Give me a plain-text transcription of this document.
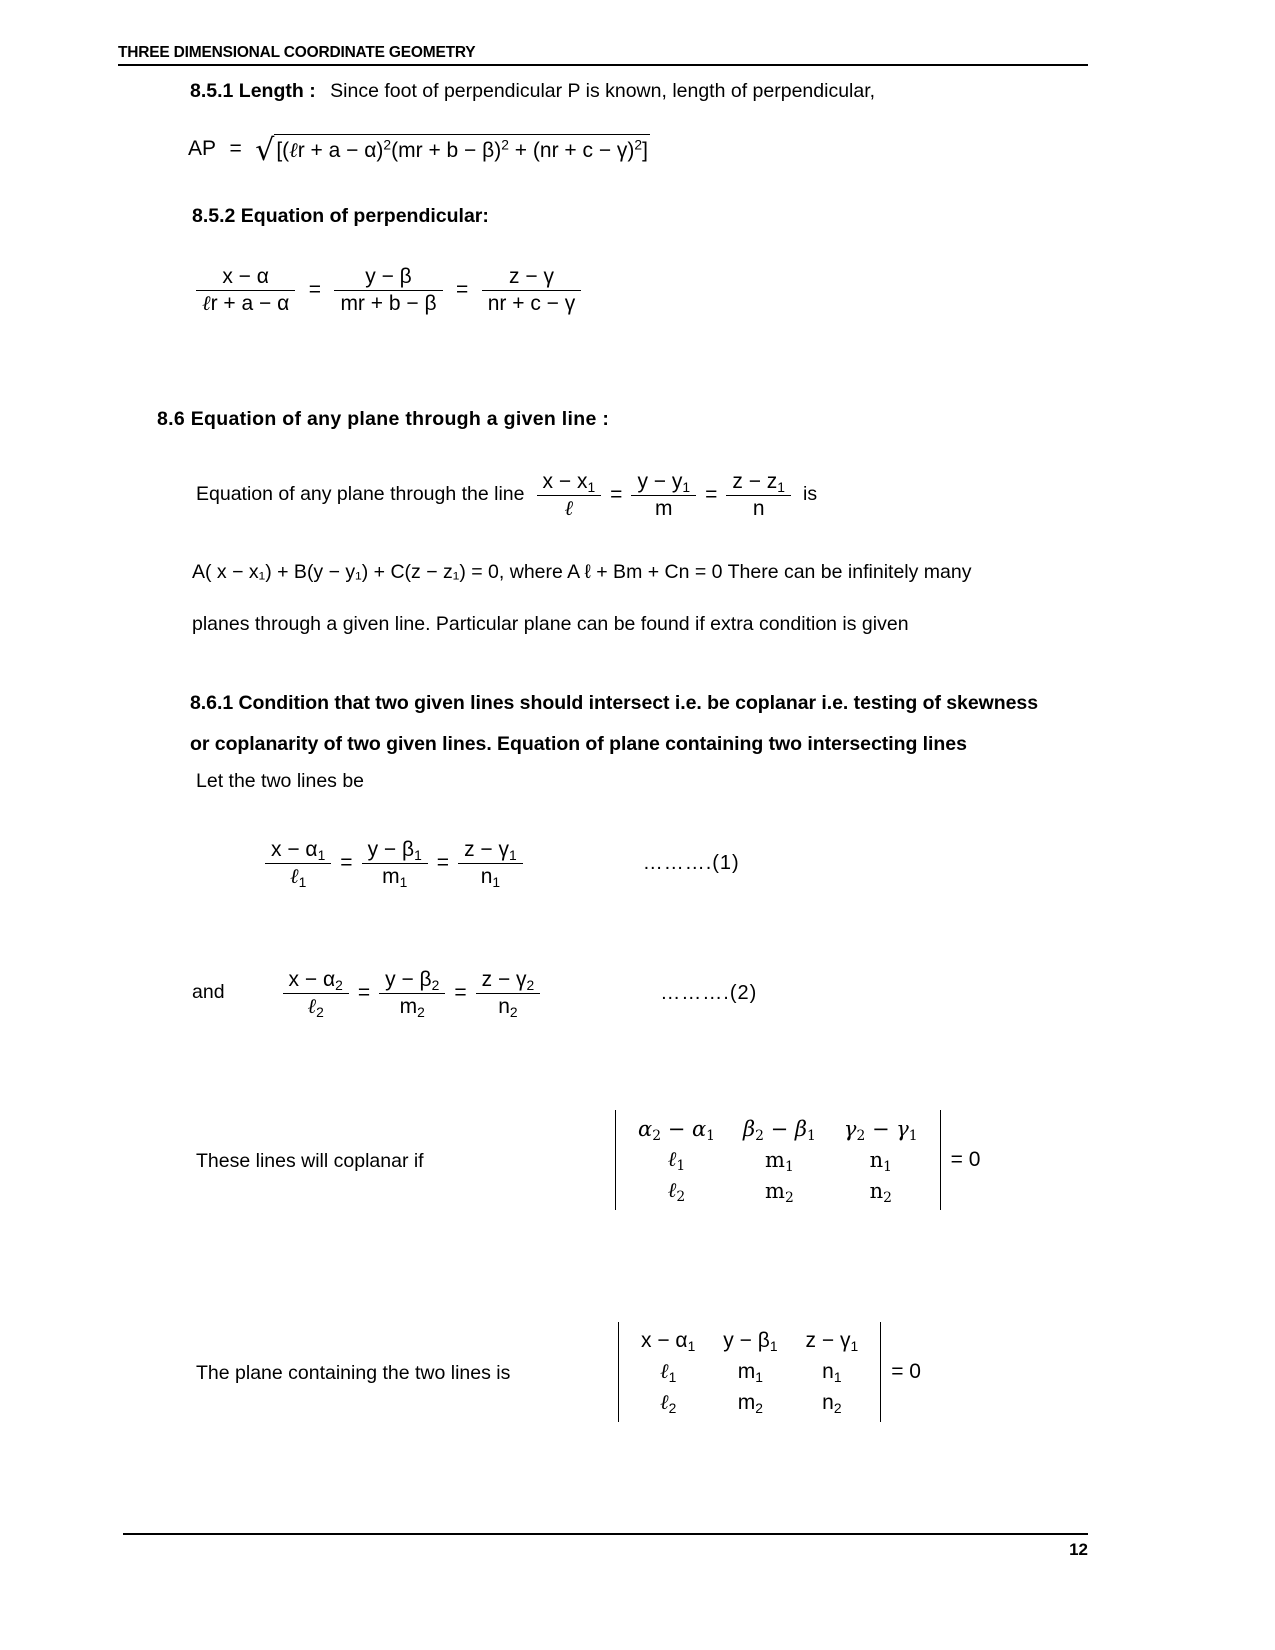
THREE DIMENSIONAL COORDINATE GEOMETRY
8.5.1 Length : Since foot of perpendicular P is known, length of perpendicular,
AP = √[(ℓr + a − α)$^2$(mr + b − β)$^2$ + (nr + c − γ)$^2$]
8.5.2 Equation of perpendicular:
$\frac{x - \alpha}{\text{ℓr + a − α}} = \frac{y - \beta}{mr + b - \beta} = \frac{z - \gamma}{nr + c - \gamma}$
8.6 Equation of any plane through a given line :
Equation of any plane through the line $\frac{x - x_1}{\text{ℓ}} = \frac{y - y_1}{m} = \frac{z - z_1}{n}$ is
A( x − x₁) + B(y − y₁) + C(z − z₁) = 0, where A ℓ + Bm + Cn = 0 There can be infinitely many
planes through a given line. Particular plane can be found if extra condition is given
8.6.1 Condition that two given lines should intersect i.e. be coplanar i.e. testing of skewness
or coplanarity of two given lines. Equation of plane containing two intersecting lines
Let the two lines be
$\frac{x - \alpha_1}{\ell_1} = \frac{y - \beta_1}{m_1} = \frac{z - \gamma_1}{n_1}$	……….(1)
and	$\frac{x - \alpha_2}{\ell_2} = \frac{y - \beta_2}{m_2} = \frac{z - \gamma_2}{n_2}$	……….(2)
These lines will coplanar if
$\alpha_2 - \alpha_1$	$\beta_2 - \beta_1$	$\gamma_2 - \gamma_1$
ℓ$_1$	$m_1$	$n_1$
ℓ$_2$	$m_2$	$n_2$
= 0
The plane containing the two lines is
$x - \alpha_1$	$y - \beta_1$	$z - \gamma_1$
ℓ$_1$	$m_1$	$n_1$
ℓ$_2$	$m_2$	$n_2$
= 0
12
